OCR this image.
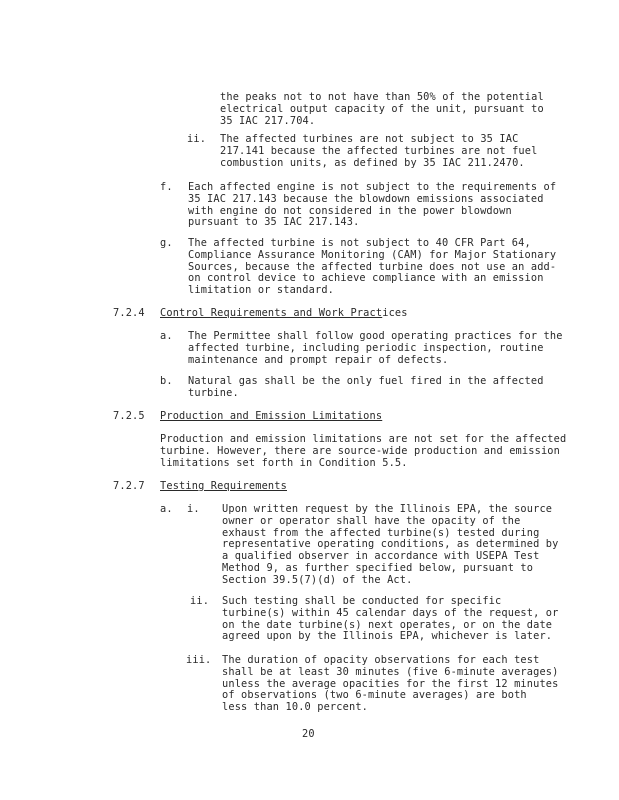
the peaks not to not have than 50% of the potential
electrical output capacity of the unit, pursuant to
35 IAC 217.704.
ii. The affected turbines are not subject to 35 IAC
217.141 because the affected turbines are not fuel
combustion units, as defined by 35 IAC 211.2470.
f. Each affected engine is not subject to the requirements of
35 IAC 217.143 because the blowdown emissions associated
with engine do not considered in the power blowdown
pursuant to 35 IAC 217.143.
g. The affected turbine is not subject to 40 CFR Part 64,
Compliance Assurance Monitoring (CAM) for Major Stationary
Sources, because the affected turbine does not use an add-
on control device to achieve compliance with an emission
limitation or standard.
7.2.4 Control Requirements and Work Practices
a. The Permittee shall follow good operating practices for the
affected turbine, including periodic inspection, routine
maintenance and prompt repair of defects.
b. Natural gas shall be the only fuel fired in the affected
turbine.
7.2.5 Production and Emission Limitations
Production and emission limitations are not set for the affected
turbine. However, there are source-wide production and emission
limitations set forth in Condition 5.5.
7.2.7 Testing Requirements
a. i. Upon written request by the Illinois EPA, the source
owner or operator shall have the opacity of the
exhaust from the affected turbine(s) tested during
representative operating conditions, as determined by
a qualified observer in accordance with USEPA Test
Method 9, as further specified below, pursuant to
Section 39.5(7)(d) of the Act.
ii. Such testing shall be conducted for specific
turbine(s) within 45 calendar days of the request, or
on the date turbine(s) next operates, or on the date
agreed upon by the Illinois EPA, whichever is later.
iii. The duration of opacity observations for each test
shall be at least 30 minutes (five 6-minute averages)
unless the average opacities for the first 12 minutes
of observations (two 6-minute averages) are both
less than 10.0 percent.
20
